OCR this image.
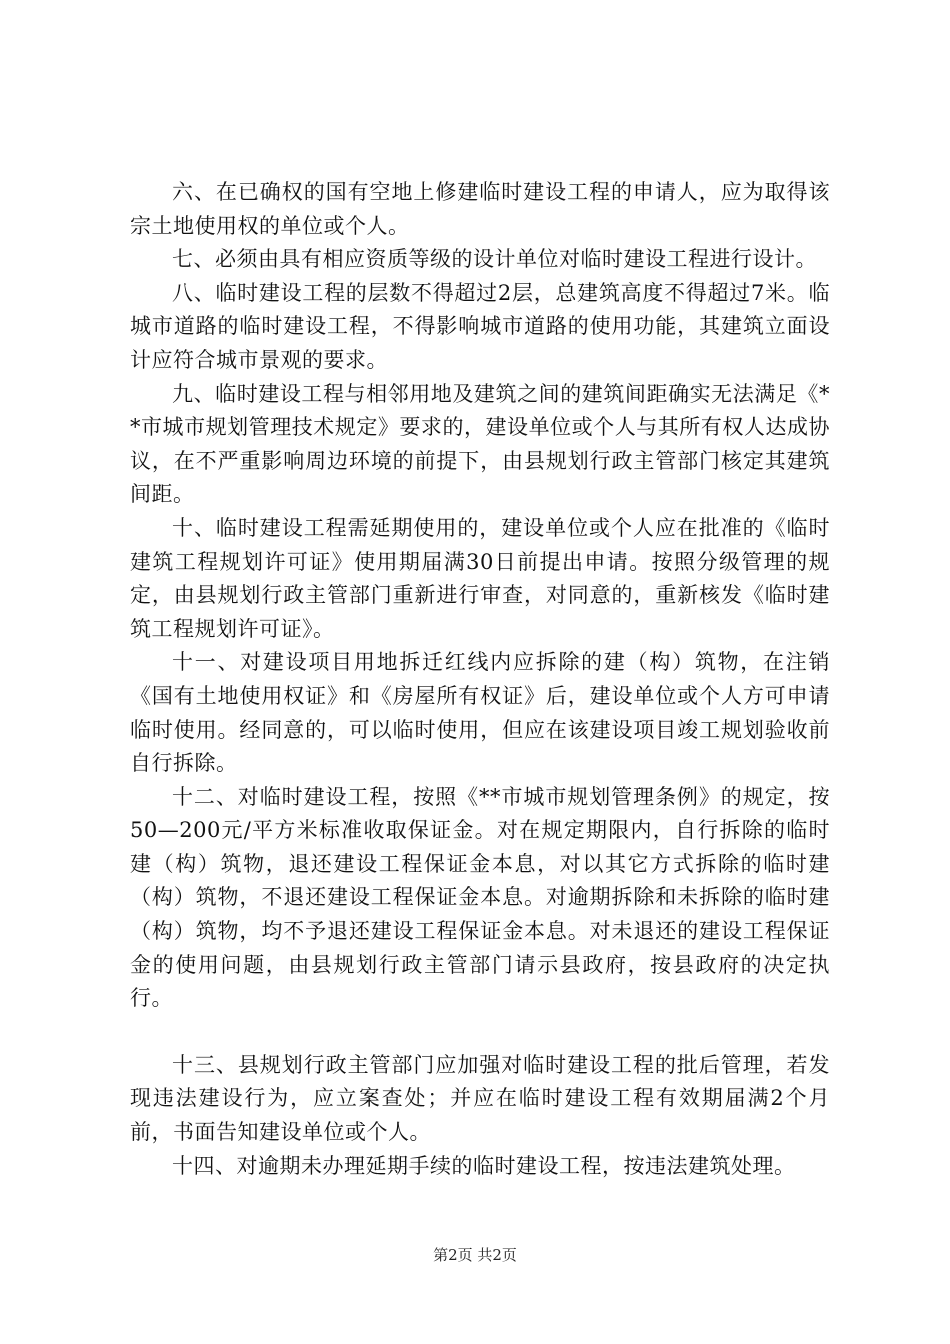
六、在已确权的国有空地上修建临时建设工程的申请人，应为取得该宗土地使用权的单位或个人。

七、必须由具有相应资质等级的设计单位对临时建设工程进行设计。

八、临时建设工程的层数不得超过2层，总建筑高度不得超过7米。临城市道路的临时建设工程，不得影响城市道路的使用功能，其建筑立面设计应符合城市景观的要求。

九、临时建设工程与相邻用地及建筑之间的建筑间距确实无法满足《**市城市规划管理技术规定》要求的，建设单位或个人与其所有权人达成协议，在不严重影响周边环境的前提下，由县规划行政主管部门核定其建筑间距。

十、临时建设工程需延期使用的，建设单位或个人应在批准的《临时建筑工程规划许可证》使用期届满30日前提出申请。按照分级管理的规定，由县规划行政主管部门重新进行审查，对同意的，重新核发《临时建筑工程规划许可证》。

十一、对建设项目用地拆迁红线内应拆除的建（构）筑物，在注销《国有土地使用权证》和《房屋所有权证》后，建设单位或个人方可申请临时使用。经同意的，可以临时使用，但应在该建设项目竣工规划验收前自行拆除。

十二、对临时建设工程，按照《**市城市规划管理条例》的规定，按50—200元/平方米标准收取保证金。对在规定期限内，自行拆除的临时建（构）筑物，退还建设工程保证金本息，对以其它方式拆除的临时建（构）筑物，不退还建设工程保证金本息。对逾期拆除和未拆除的临时建（构）筑物，均不予退还建设工程保证金本息。对未退还的建设工程保证金的使用问题，由县规划行政主管部门请示县政府，按县政府的决定执行。

十三、县规划行政主管部门应加强对临时建设工程的批后管理，若发现违法建设行为，应立案查处；并应在临时建设工程有效期届满2个月前，书面告知建设单位或个人。

十四、对逾期未办理延期手续的临时建设工程，按违法建筑处理。

第2页 共2页
